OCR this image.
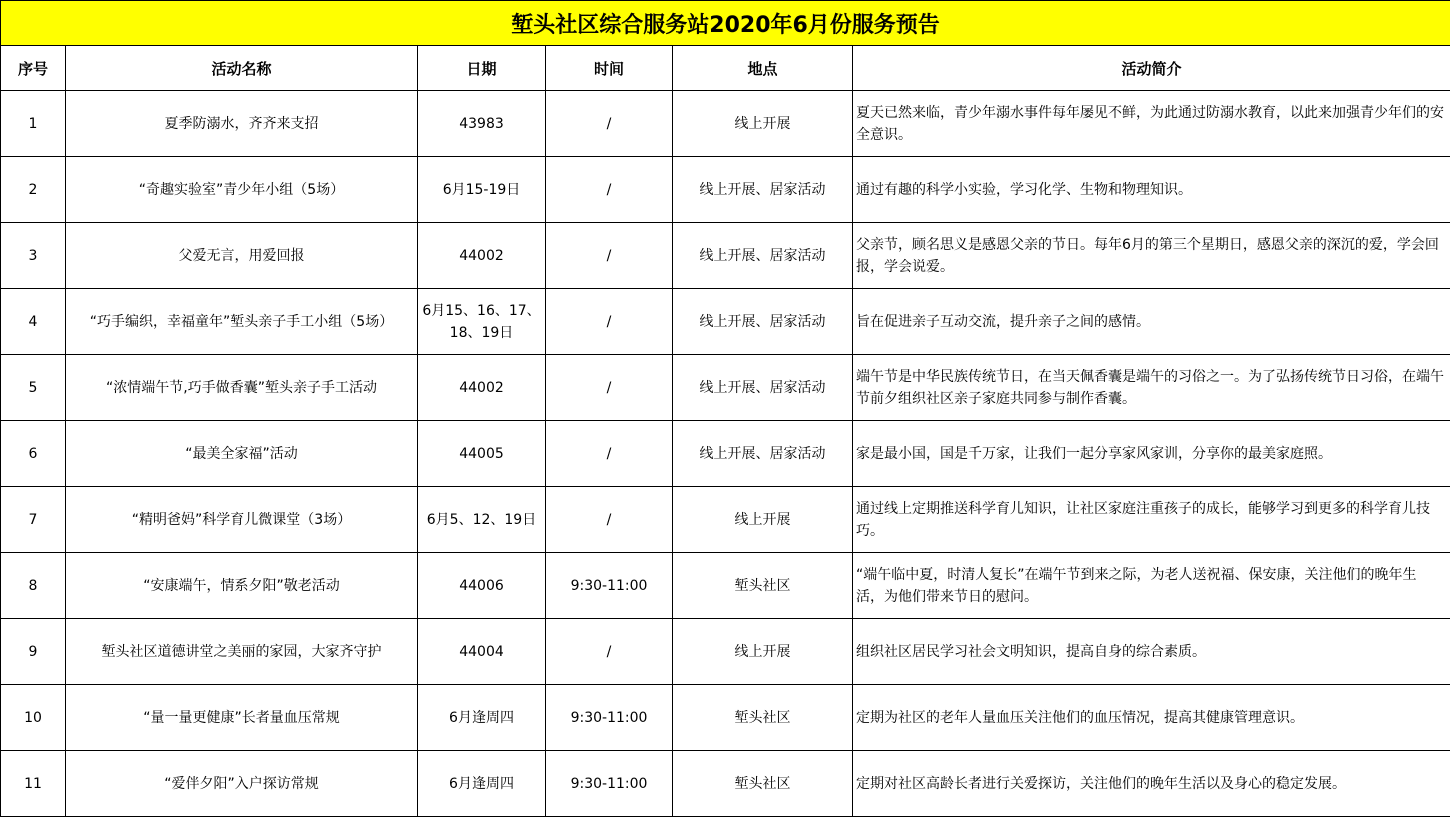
堑头社区综合服务站2020年6月份服务预告					
序号	活动名称	日期	时间	地点	活动简介
1	夏季防溺水，齐齐来支招	43983	/	线上开展	夏天已然来临，青少年溺水事件每年屡见不鲜，为此通过防溺水教育，以此来加强青少年们的安全意识。
2	“奇趣实验室”青少年小组（5场）	6月15-19日	/	线上开展、居家活动	通过有趣的科学小实验，学习化学、生物和物理知识。
3	父爱无言，用爱回报	44002	/	线上开展、居家活动	父亲节，顾名思义是感恩父亲的节日。每年6月的第三个星期日，感恩父亲的深沉的爱，学会回报，学会说爱。
4	“巧手编织，幸福童年”堑头亲子手工小组（5场）	6月15、16、17、18、19日	/	线上开展、居家活动	旨在促进亲子互动交流，提升亲子之间的感情。
5	“浓情端午节,巧手做香囊”堑头亲子手工活动	44002	/	线上开展、居家活动	端午节是中华民族传统节日，在当天佩香囊是端午的习俗之一。为了弘扬传统节日习俗，在端午节前夕组织社区亲子家庭共同参与制作香囊。
6	“最美全家福”活动	44005	/	线上开展、居家活动	家是最小国，国是千万家，让我们一起分享家风家训，分享你的最美家庭照。
7	“精明爸妈”科学育儿微课堂（3场）	6月5、12、19日	/	线上开展	通过线上定期推送科学育儿知识，让社区家庭注重孩子的成长，能够学习到更多的科学育儿技巧。
8	“安康端午，情系夕阳”敬老活动	44006	9:30-11:00	堑头社区	“端午临中夏，时清人复长”在端午节到来之际，为老人送祝福、保安康，关注他们的晚年生活，为他们带来节日的慰问。
9	堑头社区道德讲堂之美丽的家园，大家齐守护	44004	/	线上开展	组织社区居民学习社会文明知识，提高自身的综合素质。
10	“量一量更健康”长者量血压常规	6月逢周四	9:30-11:00	堑头社区	定期为社区的老年人量血压关注他们的血压情况，提高其健康管理意识。
11	“爱伴夕阳”入户探访常规	6月逢周四	9:30-11:00	堑头社区	定期对社区高龄长者进行关爱探访，关注他们的晚年生活以及身心的稳定发展。
